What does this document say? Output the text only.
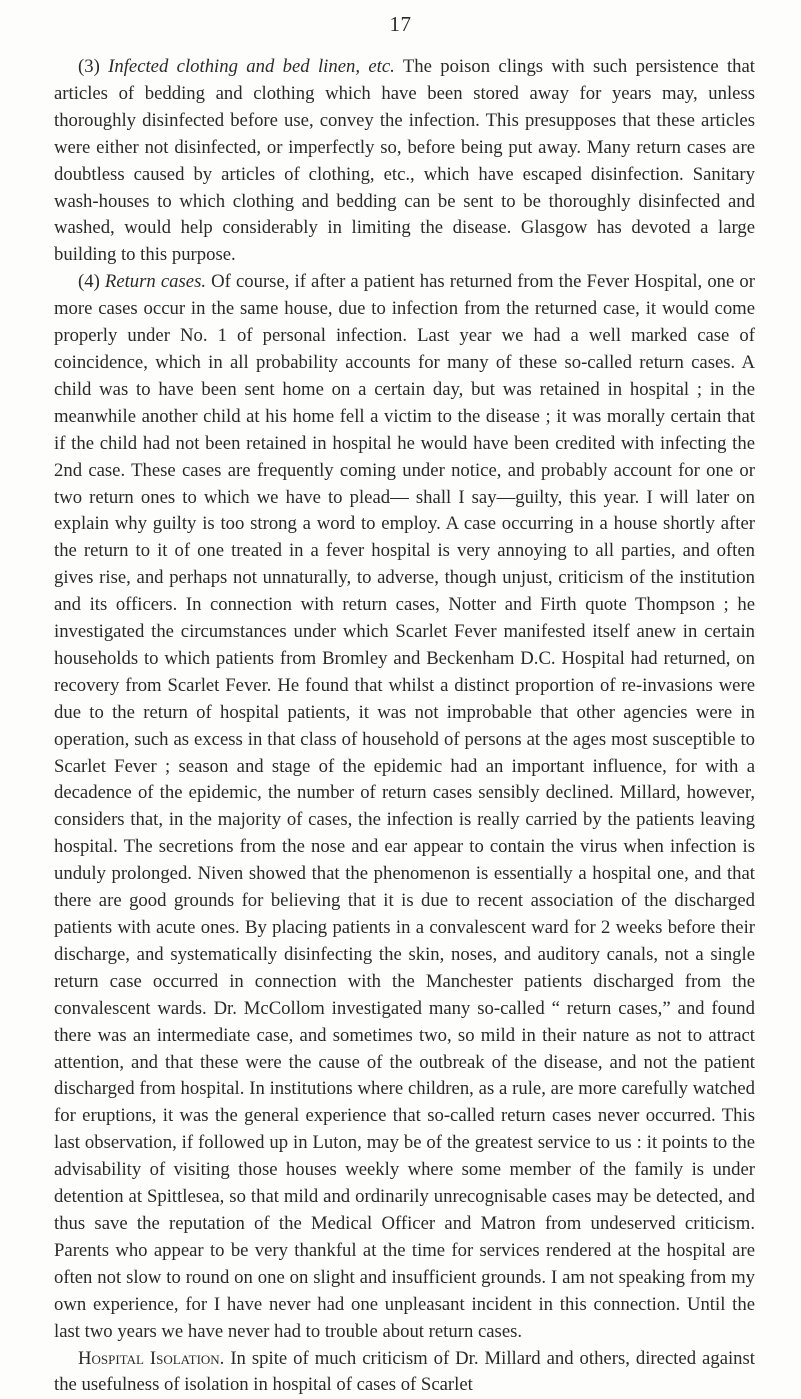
17

(3) Infected clothing and bed linen, etc. The poison clings with such persistence that articles of bedding and clothing which have been stored away for years may, unless thoroughly disinfected before use, convey the infection. This presupposes that these articles were either not disinfected, or imperfectly so, before being put away. Many return cases are doubtless caused by articles of clothing, etc., which have escaped disinfection. Sanitary wash-houses to which clothing and bedding can be sent to be thoroughly disinfected and washed, would help considerably in limiting the disease. Glasgow has devoted a large building to this purpose.

(4) Return cases. Of course, if after a patient has returned from the Fever Hospital, one or more cases occur in the same house, due to infection from the returned case, it would come properly under No. 1 of personal infection. Last year we had a well marked case of coincidence, which in all probability accounts for many of these so-called return cases. A child was to have been sent home on a certain day, but was retained in hospital ; in the meanwhile another child at his home fell a victim to the disease ; it was morally certain that if the child had not been retained in hospital he would have been credited with infecting the 2nd case. These cases are frequently coming under notice, and probably account for one or two return ones to which we have to plead— shall I say—guilty, this year. I will later on explain why guilty is too strong a word to employ. A case occurring in a house shortly after the return to it of one treated in a fever hospital is very annoying to all parties, and often gives rise, and perhaps not unnaturally, to adverse, though unjust, criticism of the institution and its officers. In connection with return cases, Notter and Firth quote Thompson ; he investigated the circumstances under which Scarlet Fever manifested itself anew in certain households to which patients from Bromley and Beckenham D.C. Hospital had returned, on recovery from Scarlet Fever. He found that whilst a distinct proportion of re-invasions were due to the return of hospital patients, it was not improbable that other agencies were in operation, such as excess in that class of household of persons at the ages most susceptible to Scarlet Fever ; season and stage of the epidemic had an important influence, for with a decadence of the epidemic, the number of return cases sensibly declined. Millard, however, considers that, in the majority of cases, the infection is really carried by the patients leaving hospital. The secretions from the nose and ear appear to contain the virus when infection is unduly prolonged. Niven showed that the phenomenon is essentially a hospital one, and that there are good grounds for believing that it is due to recent association of the discharged patients with acute ones. By placing patients in a convalescent ward for 2 weeks before their discharge, and systematically disinfecting the skin, noses, and auditory canals, not a single return case occurred in connection with the Manchester patients discharged from the convalescent wards. Dr. McCollom investigated many so-called “ return cases,” and found there was an intermediate case, and sometimes two, so mild in their nature as not to attract attention, and that these were the cause of the outbreak of the disease, and not the patient discharged from hospital. In institutions where children, as a rule, are more carefully watched for eruptions, it was the general experience that so-called return cases never occurred. This last observation, if followed up in Luton, may be of the greatest service to us : it points to the advisability of visiting those houses weekly where some member of the family is under detention at Spittlesea, so that mild and ordinarily unrecognisable cases may be detected, and thus save the reputation of the Medical Officer and Matron from undeserved criticism. Parents who appear to be very thankful at the time for services rendered at the hospital are often not slow to round on one on slight and insufficient grounds. I am not speaking from my own experience, for I have never had one unpleasant incident in this connection. Until the last two years we have never had to trouble about return cases.

Hospital Isolation. In spite of much criticism of Dr. Millard and others, directed against the usefulness of isolation in hospital of cases of Scarlet
